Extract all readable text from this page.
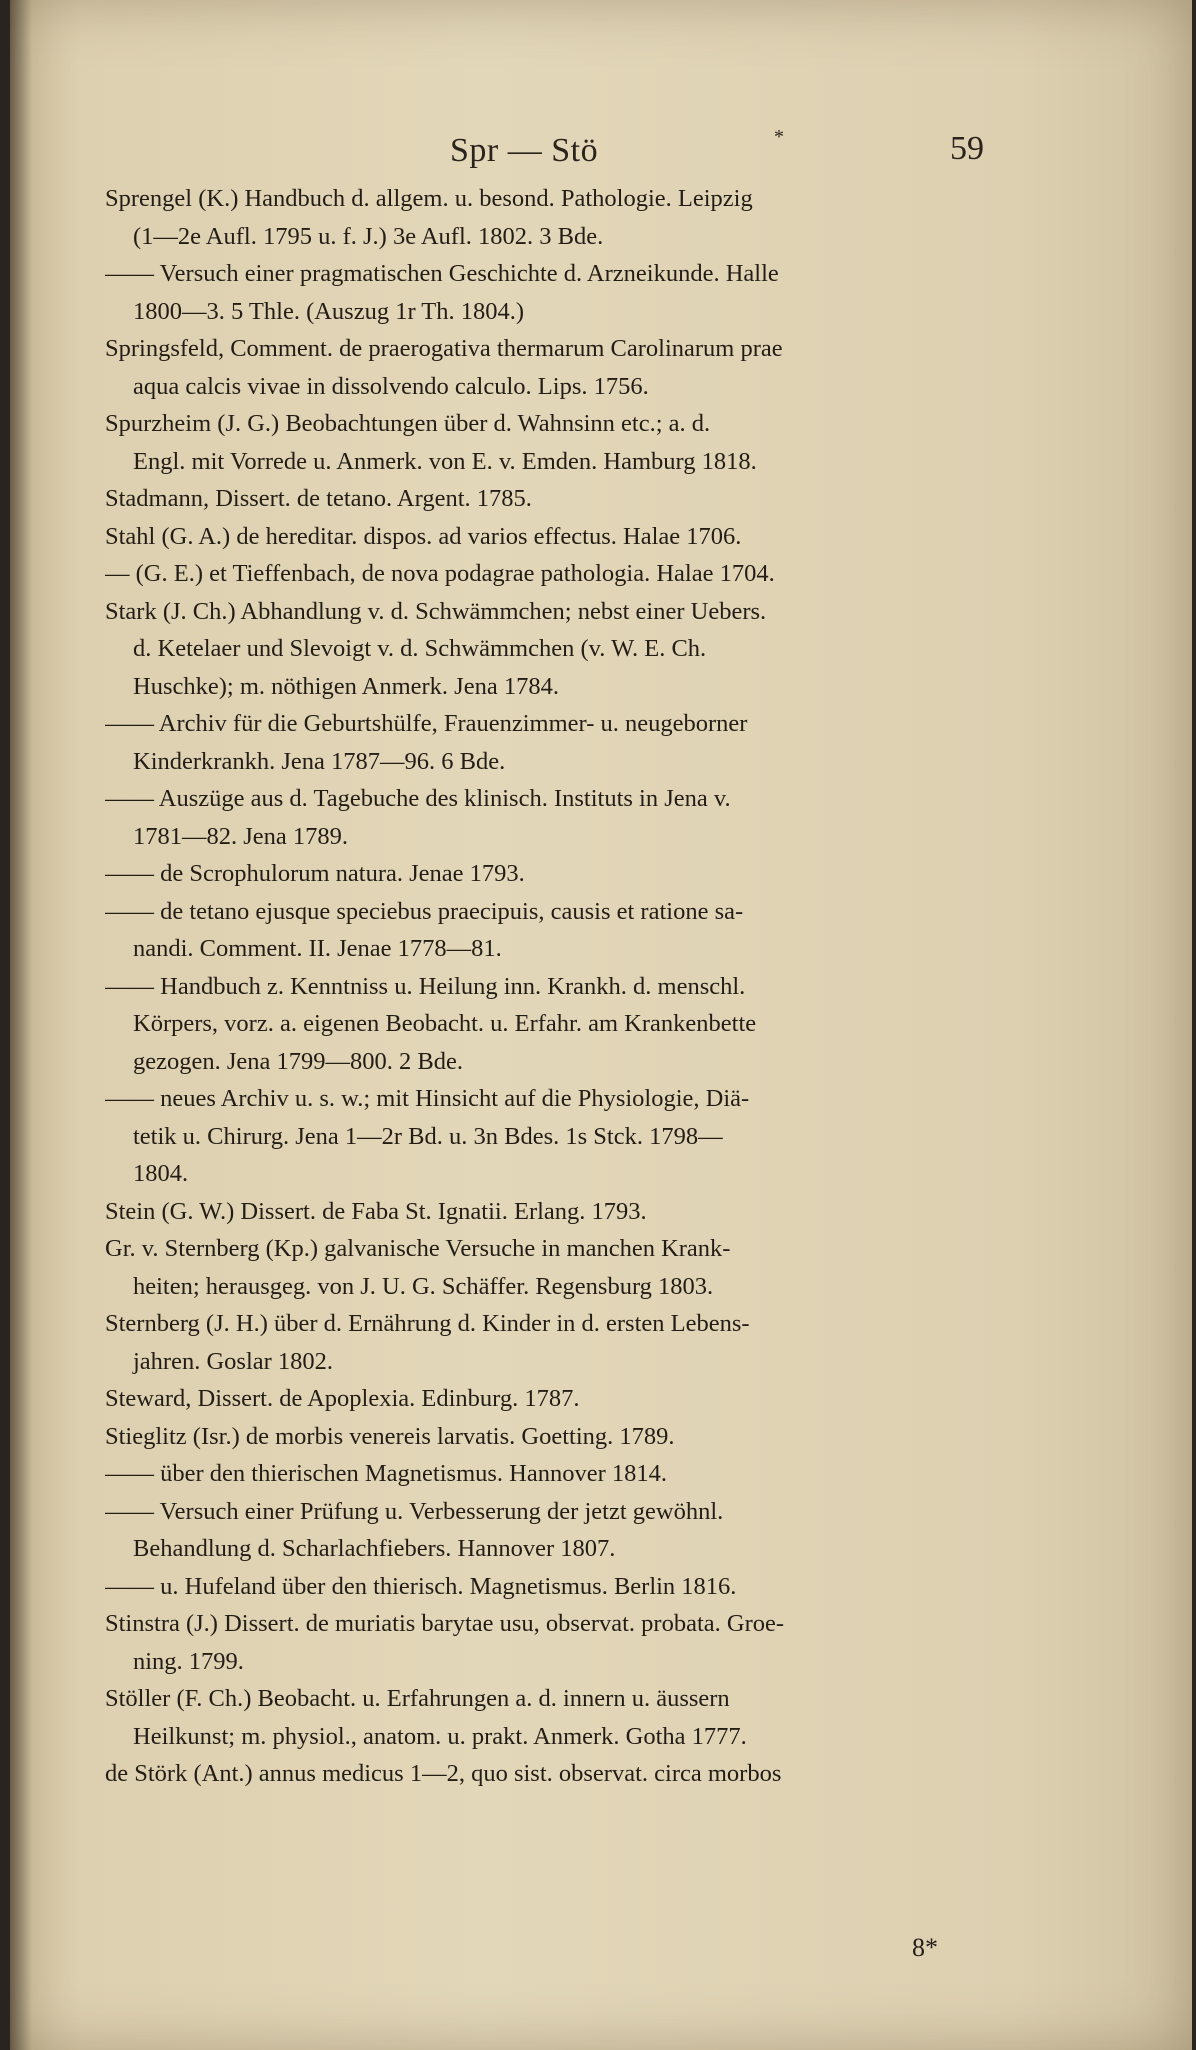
Spr — Stö	*	59
Sprengel (K.) Handbuch d. allgem. u. besond. Pathologie. Leipzig
(1—2e Aufl. 1795 u. f. J.) 3e Aufl. 1802. 3 Bde.
—— Versuch einer pragmatischen Geschichte d. Arzneikunde. Halle
1800—3. 5 Thle. (Auszug 1r Th. 1804.)
Springsfeld, Comment. de praerogativa thermarum Carolinarum prae
aqua calcis vivae in dissolvendo calculo. Lips. 1756.
Spurzheim (J. G.) Beobachtungen über d. Wahnsinn etc.; a. d.
Engl. mit Vorrede u. Anmerk. von E. v. Emden. Hamburg 1818.
Stadmann, Dissert. de tetano. Argent. 1785.
Stahl (G. A.) de hereditar. dispos. ad varios effectus. Halae 1706.
— (G. E.) et Tieffenbach, de nova podagrae pathologia. Halae 1704.
Stark (J. Ch.) Abhandlung v. d. Schwämmchen; nebst einer Uebers.
d. Ketelaer und Slevoigt v. d. Schwämmchen (v. W. E. Ch.
Huschke); m. nöthigen Anmerk. Jena 1784.
—— Archiv für die Geburtshülfe, Frauenzimmer- u. neugeborner
Kinderkrankh. Jena 1787—96. 6 Bde.
—— Auszüge aus d. Tagebuche des klinisch. Instituts in Jena v.
1781—82. Jena 1789.
—— de Scrophulorum natura. Jenae 1793.
—— de tetano ejusque speciebus praecipuis, causis et ratione sa-
nandi. Comment. II. Jenae 1778—81.
—— Handbuch z. Kenntniss u. Heilung inn. Krankh. d. menschl.
Körpers, vorz. a. eigenen Beobacht. u. Erfahr. am Krankenbette
gezogen. Jena 1799—800. 2 Bde.
—— neues Archiv u. s. w.; mit Hinsicht auf die Physiologie, Diä-
tetik u. Chirurg. Jena 1—2r Bd. u. 3n Bdes. 1s Stck. 1798—
1804.
Stein (G. W.) Dissert. de Faba St. Ignatii. Erlang. 1793.
Gr. v. Sternberg (Kp.) galvanische Versuche in manchen Krank-
heiten; herausgeg. von J. U. G. Schäffer. Regensburg 1803.
Sternberg (J. H.) über d. Ernährung d. Kinder in d. ersten Lebens-
jahren. Goslar 1802.
Steward, Dissert. de Apoplexia. Edinburg. 1787.
Stieglitz (Isr.) de morbis venereis larvatis. Goetting. 1789.
—— über den thierischen Magnetismus. Hannover 1814.
—— Versuch einer Prüfung u. Verbesserung der jetzt gewöhnl.
Behandlung d. Scharlachfiebers. Hannover 1807.
—— u. Hufeland über den thierisch. Magnetismus. Berlin 1816.
Stinstra (J.) Dissert. de muriatis barytae usu, observat. probata. Groe-
ning. 1799.
Stöller (F. Ch.) Beobacht. u. Erfahrungen a. d. innern u. äussern
Heilkunst; m. physiol., anatom. u. prakt. Anmerk. Gotha 1777.
de Störk (Ant.) annus medicus 1—2, quo sist. observat. circa morbos
8*
